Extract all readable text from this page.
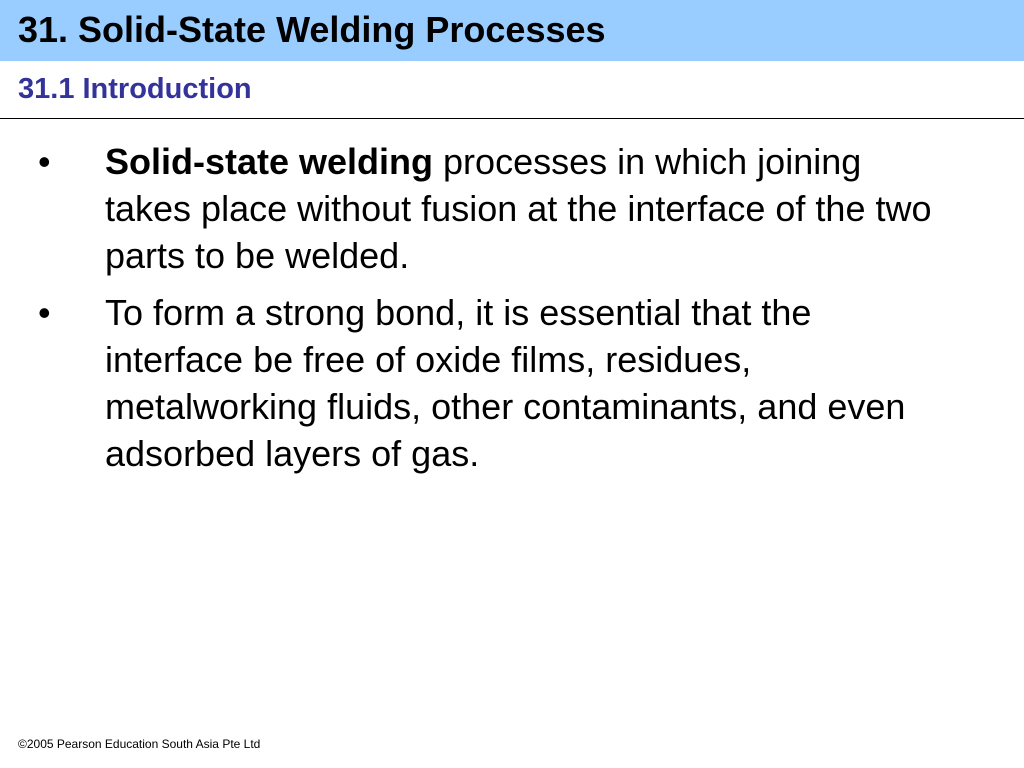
31. Solid-State Welding Processes
31.1 Introduction
• Solid-state welding processes in which joining takes place without fusion at the interface of the two parts to be welded.
• To form a strong bond, it is essential that the interface be free of oxide films, residues, metalworking fluids, other contaminants, and even adsorbed layers of gas.
©2005 Pearson Education South Asia Pte Ltd
